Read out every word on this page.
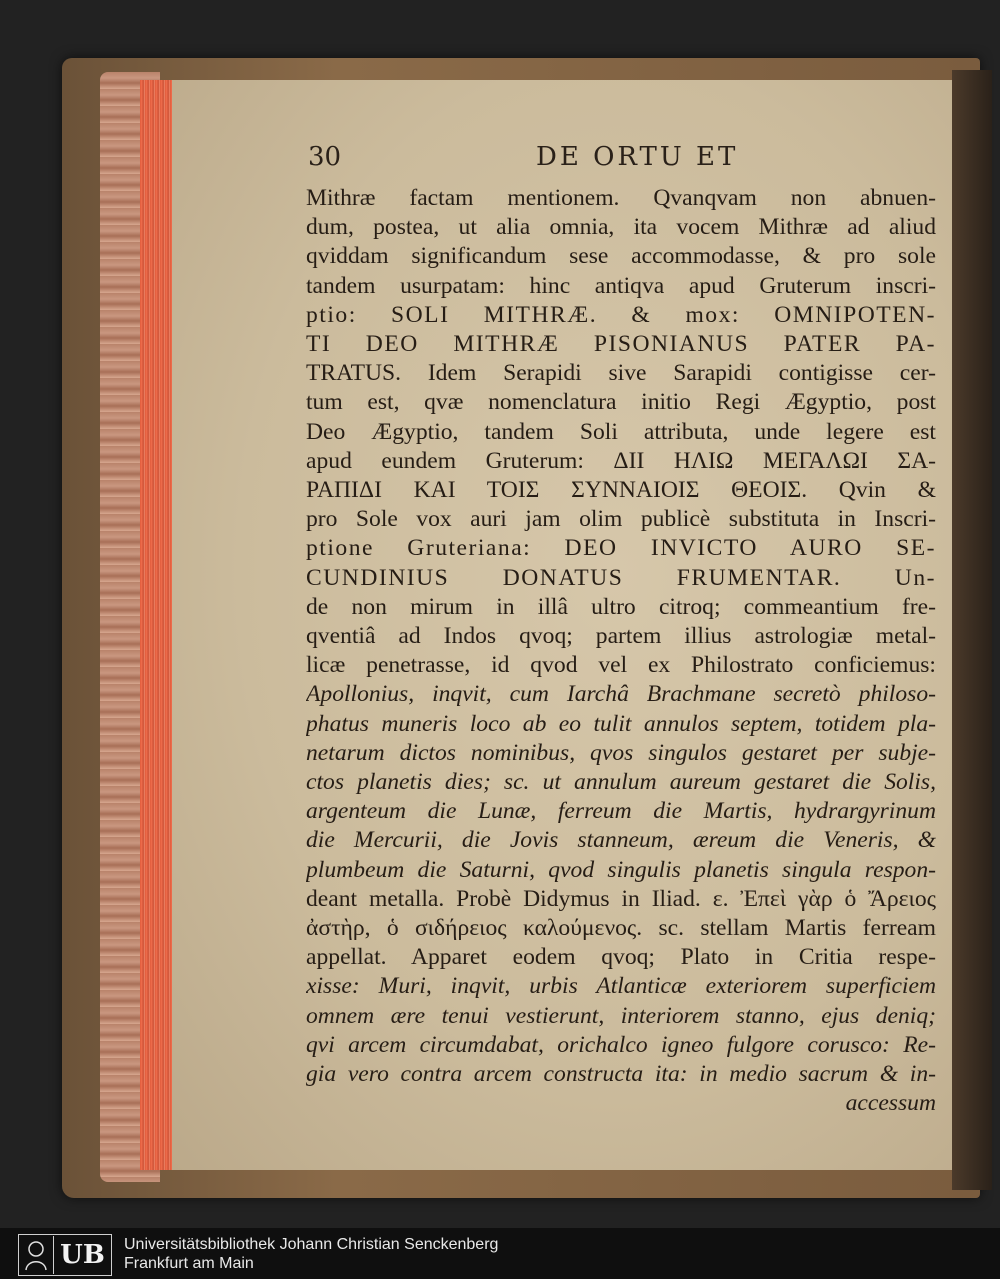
30	DE ORTU ET
Mithræ factam mentionem. Qvanqvam non abnuen-
dum, postea, ut alia omnia, ita vocem Mithræ ad aliud
qviddam significandum sese accommodasse, & pro sole
tandem usurpatam: hinc antiqva apud Gruterum inscri-
ptio: SOLI MITHRÆ. & mox: OMNIPOTEN-
TI DEO MITHRÆ PISONIANUS PATER PA-
TRATUS. Idem Serapidi sive Sarapidi contigisse cer-
tum est, qvæ nomenclatura initio Regi Ægyptio, post
Deo Ægyptio, tandem Soli attributa, unde legere est
apud eundem Gruterum: ΔΙΙ ΗΛΙΩ ΜΕΓΑΛΩΙ ΣΑ-
ΡΑΠΙΔΙ ΚΑΙ ΤΟΙΣ ΣΥΝΝΑΙΟΙΣ ΘΕΟΙΣ. Qvin &
pro Sole vox auri jam olim publicè substituta in Inscri-
ptione Gruteriana: DEO INVICTO AURO SE-
CUNDINIUS DONATUS FRUMENTAR. Un-
de non mirum in illâ ultro citroq; commeantium fre-
qventiâ ad Indos qvoq; partem illius astrologiæ metal-
licæ penetrasse, id qvod vel ex Philostrato conficiemus:
Apollonius, inqvit, cum Iarchâ Brachmane secretò philoso-
phatus muneris loco ab eo tulit annulos septem, totidem pla-
netarum dictos nominibus, qvos singulos gestaret per subje-
ctos planetis dies; sc. ut annulum aureum gestaret die Solis,
argenteum die Lunæ, ferreum die Martis, hydrargyrinum
die Mercurii, die Jovis stanneum, æreum die Veneris, &
plumbeum die Saturni, qvod singulis planetis singula respon-
deant metalla. Probè Didymus in Iliad. ε. Ἐπεὶ γὰρ ὁ Ἄρειος
ἀστὴρ, ὁ σιδήρειος καλούμενος. sc. stellam Martis ferream
appellat. Apparet eodem qvoq; Plato in Critia respe-
xisse: Muri, inqvit, urbis Atlanticæ exteriorem superficiem
omnem ære tenui vestierunt, interiorem stanno, ejus deniq;
qvi arcem circumdabat, orichalco igneo fulgore corusco: Re-
gia vero contra arcem constructa ita: in medio sacrum & in-
accessum
UB	Universitätsbibliothek Johann Christian Senckenberg
Frankfurt am Main
